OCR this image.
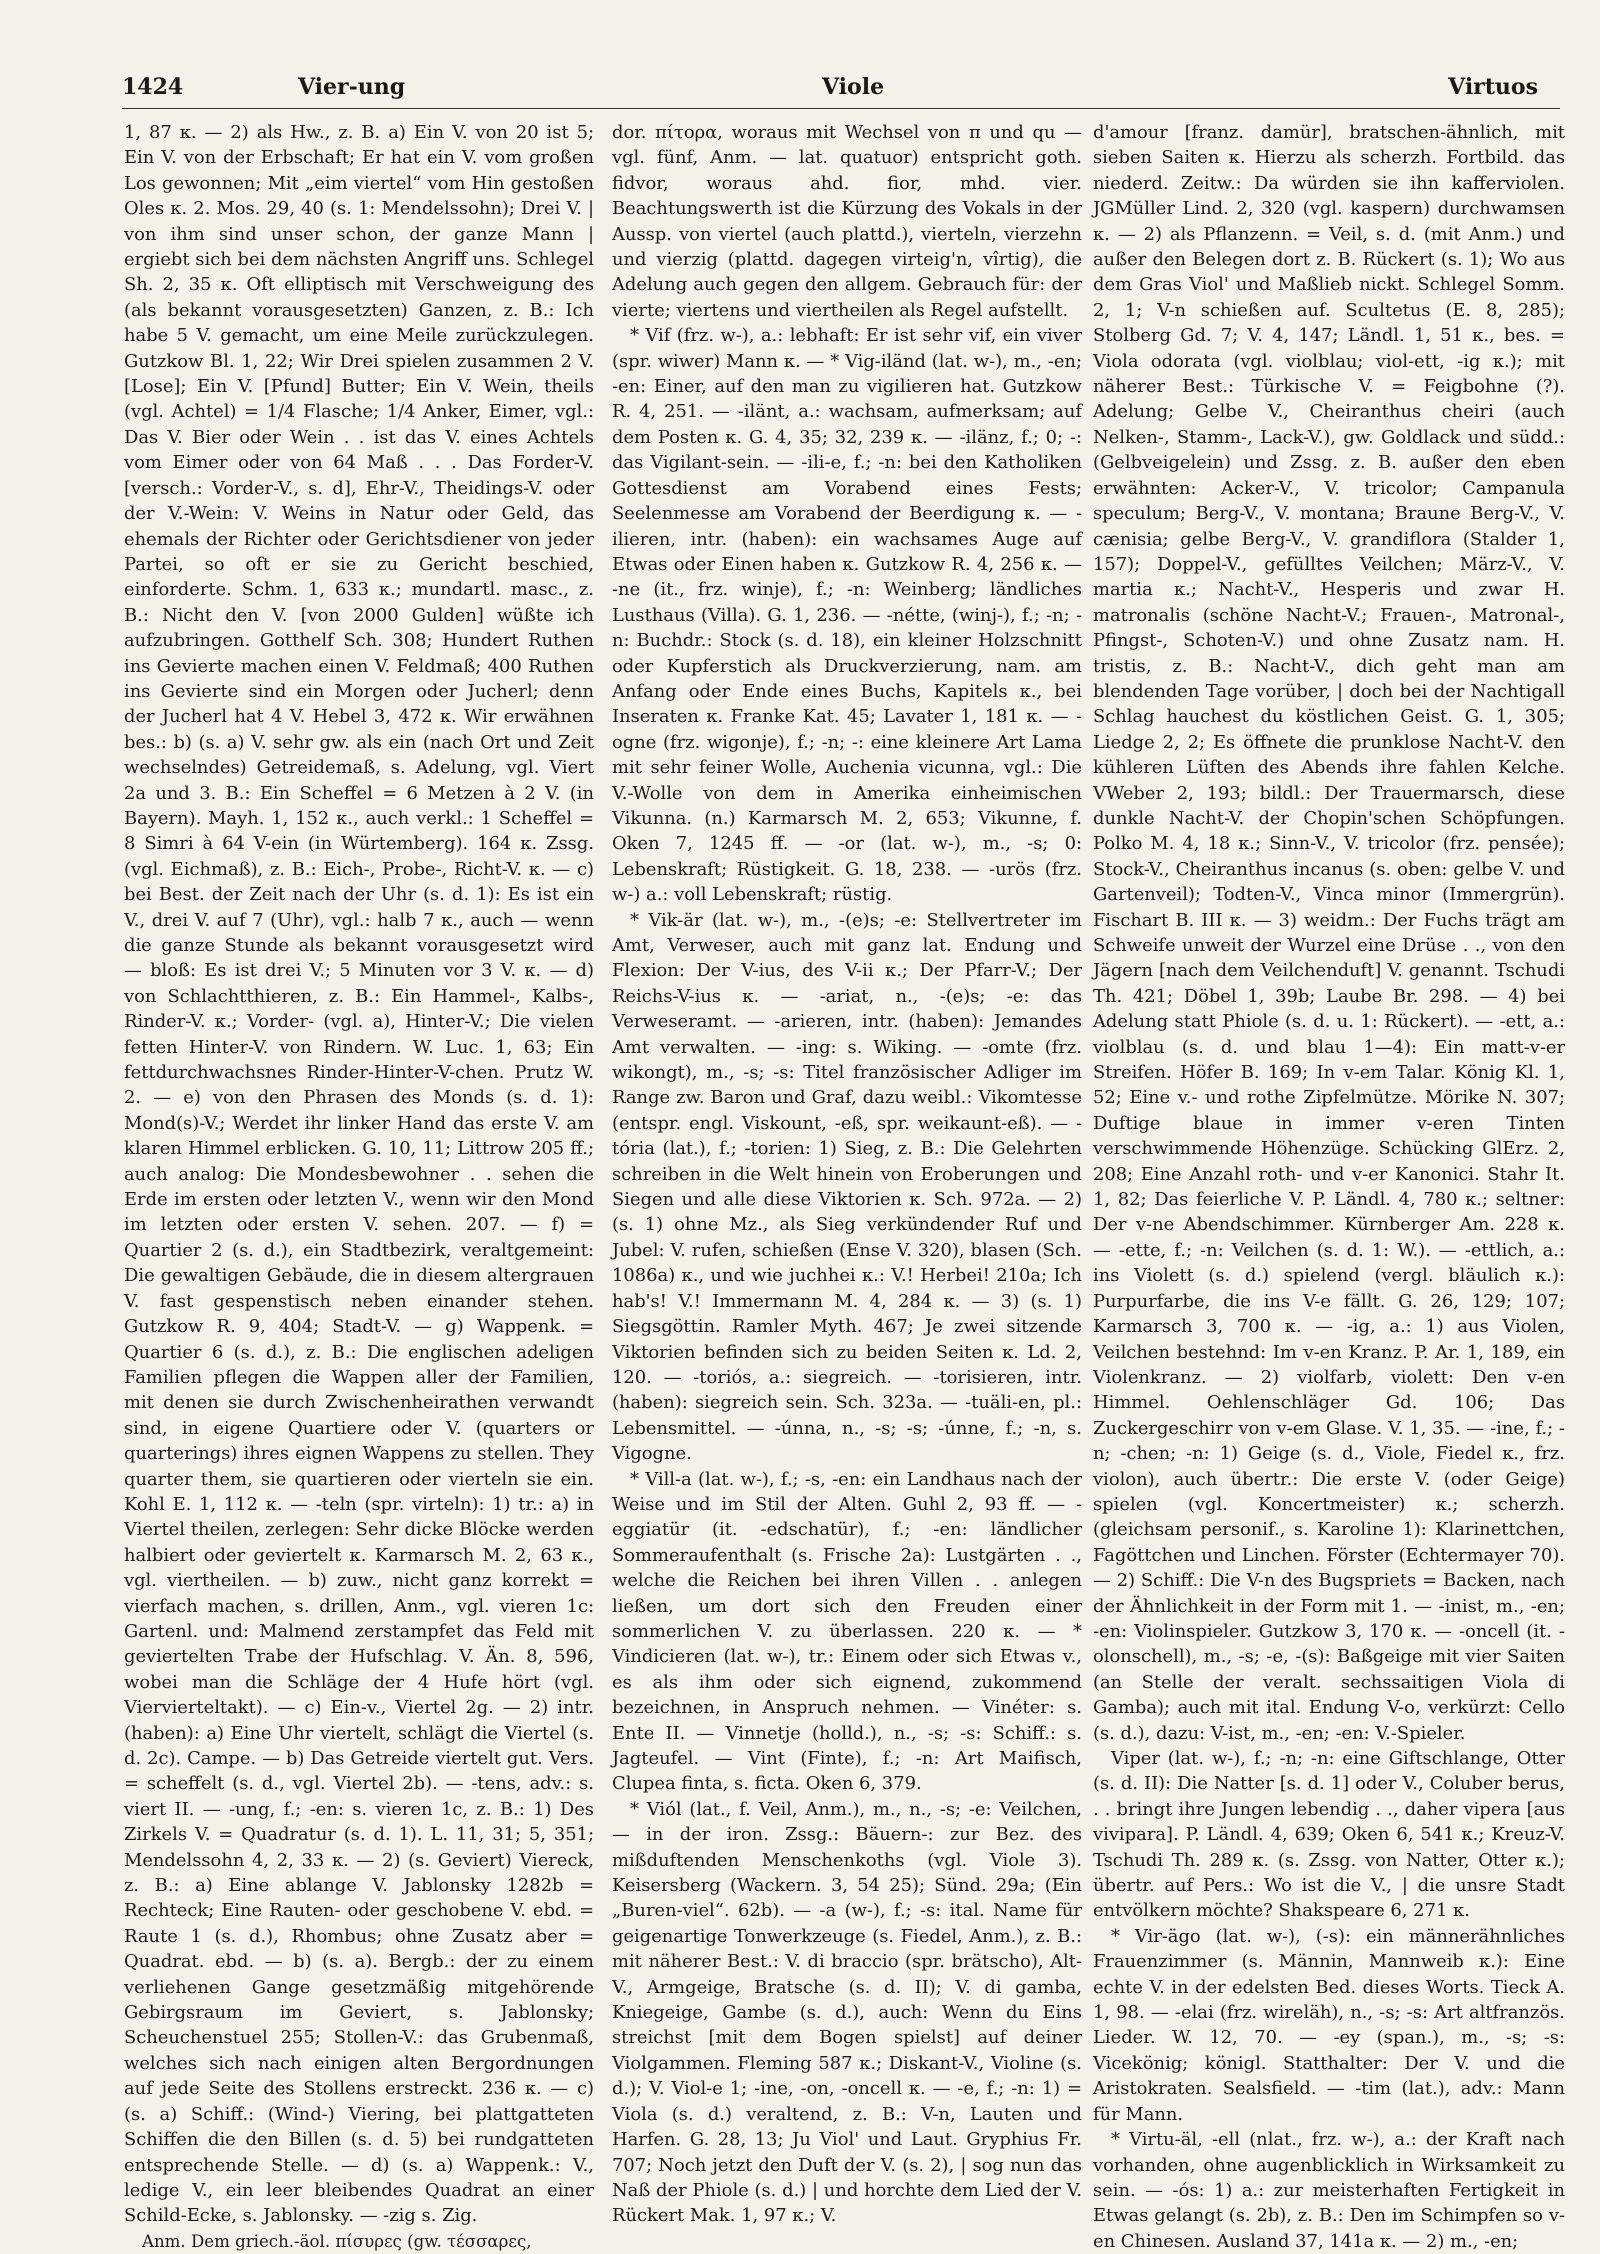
1424	Vier-ung	Viole	Virtuos

1, 87 κ. — 2) als Hw., z. B. a) Ein V. von 20 ist 5; Ein V. von der Erbschaft; Er hat ein V. vom großen Los gewonnen; Mit „eim viertel“ vom Hin gestoßen Oles κ. 2. Mos. 29, 40 (s. 1: Mendelssohn); Drei V. | von ihm sind unser schon, der ganze Mann | ergiebt sich bei dem nächsten Angriff uns. Schlegel Sh. 2, 35 κ. Oft elliptisch mit Verschweigung des (als bekannt vorausgesetzten) Ganzen, z. B.: Ich habe 5 V. gemacht, um eine Meile zurückzulegen. Gutzkow Bl. 1, 22; Wir Drei spielen zusammen 2 V. [Lose]; Ein V. [Pfund] Butter; Ein V. Wein, theils (vgl. Achtel) = 1/4 Flasche; 1/4 Anker, Eimer, vgl.: Das V. Bier oder Wein . . ist das V. eines Achtels vom Eimer oder von 64 Maß . . . Das Forder-V. [versch.: Vorder-V., s. d], Ehr-V., Theidings-V. oder der V.-Wein: V. Weins in Natur oder Geld, das ehemals der Richter oder Gerichtsdiener von jeder Partei, so oft er sie zu Gericht beschied, einforderte. Schm. 1, 633 κ.; mundartl. masc., z. B.: Nicht den V. [von 2000 Gulden] wüßte ich aufzubringen. Gotthelf Sch. 308; Hundert Ruthen ins Gevierte machen einen V. Feldmaß; 400 Ruthen ins Gevierte sind ein Morgen oder Jucherl; denn der Jucherl hat 4 V. Hebel 3, 472 κ. Wir erwähnen bes.: b) (s. a) V. sehr gw. als ein (nach Ort und Zeit wechselndes) Getreidemaß, s. Adelung, vgl. Viert 2a und 3. B.: Ein Scheffel = 6 Metzen à 2 V. (in Bayern). Mayh. 1, 152 κ., auch verkl.: 1 Scheffel = 8 Simri à 64 V-ein (in Würtemberg). 164 κ. Zssg. (vgl. Eichmaß), z. B.: Eich-, Probe-, Richt-V. κ. — c) bei Best. der Zeit nach der Uhr (s. d. 1): Es ist ein V., drei V. auf 7 (Uhr), vgl.: halb 7 κ., auch — wenn die ganze Stunde als bekannt vorausgesetzt wird — bloß: Es ist drei V.; 5 Minuten vor 3 V. κ. — d) von Schlachtthieren, z. B.: Ein Hammel-, Kalbs-, Rinder-V. κ.; Vorder- (vgl. a), Hinter-V.; Die vielen fetten Hinter-V. von Rindern. W. Luc. 1, 63; Ein fettdurchwachsnes Rinder-Hinter-V-chen. Prutz W. 2. — e) von den Phrasen des Monds (s. d. 1): Mond(s)-V.; Werdet ihr linker Hand das erste V. am klaren Himmel erblicken. G. 10, 11; Littrow 205 ff.; auch analog: Die Mondesbewohner . . sehen die Erde im ersten oder letzten V., wenn wir den Mond im letzten oder ersten V. sehen. 207. — f) = Quartier 2 (s. d.), ein Stadtbezirk, veraltgemeint: Die gewaltigen Gebäude, die in diesem altergrauen V. fast gespenstisch neben einander stehen. Gutzkow R. 9, 404; Stadt-V. — g) Wappenk. = Quartier 6 (s. d.), z. B.: Die englischen adeligen Familien pflegen die Wappen aller der Familien, mit denen sie durch Zwischenheirathen verwandt sind, in eigene Quartiere oder V. (quarters or quarterings) ihres eignen Wappens zu stellen. They quarter them, sie quartieren oder vierteln sie ein. Kohl E. 1, 112 κ. — -teln (spr. virteln): 1) tr.: a) in Viertel theilen, zerlegen: Sehr dicke Blöcke werden halbiert oder geviertelt κ. Karmarsch M. 2, 63 κ., vgl. viertheilen. — b) zuw., nicht ganz korrekt = vierfach machen, s. drillen, Anm., vgl. vieren 1c: Gartenl. und: Malmend zerstampfet das Feld mit geviertelten Trabe der Hufschlag. V. Än. 8, 596, wobei man die Schläge der 4 Hufe hört (vgl. Viervierteltakt). — c) Ein-v., Viertel 2g. — 2) intr. (haben): a) Eine Uhr viertelt, schlägt die Viertel (s. d. 2c). Campe. — b) Das Getreide viertelt gut. Vers. = scheffelt (s. d., vgl. Viertel 2b). — -tens, adv.: s. viert II. — -ung, f.; -en: s. vieren 1c, z. B.: 1) Des Zirkels V. = Quadratur (s. d. 1). L. 11, 31; 5, 351; Mendelssohn 4, 2, 33 κ. — 2) (s. Geviert) Viereck, z. B.: a) Eine ablange V. Jablonsky 1282b = Rechteck; Eine Rauten- oder geschobene V. ebd. = Raute 1 (s. d.), Rhombus; ohne Zusatz aber = Quadrat. ebd. — b) (s. a). Bergb.: der zu einem verliehenen Gange gesetzmäßig mitgehörende Gebirgsraum im Geviert, s. Jablonsky; Scheuchenstuel 255; Stollen-V.: das Grubenmaß, welches sich nach einigen alten Bergordnungen auf jede Seite des Stollens erstreckt. 236 κ. — c) (s. a) Schiff.: (Wind-) Viering, bei plattgatteten Schiffen die den Billen (s. d. 5) bei rundgatteten entsprechende Stelle. — d) (s. a) Wappenk.: V., ledige V., ein leer bleibendes Quadrat an einer Schild-Ecke, s. Jablonsky. — -zig s. Zig.

Anm. Dem griech.-äol. πίσυρες (gw. τέσσαρες,

dor. πίτορα, woraus mit Wechsel von π und qu — vgl. fünf, Anm. — lat. quatuor) entspricht goth. fidvor, woraus ahd. fior, mhd. vier. Beachtungswerth ist die Kürzung des Vokals in der Aussp. von viertel (auch plattd.), vierteln, vierzehn und vierzig (plattd. dagegen virteig'n, vîrtig), die Adelung auch gegen den allgem. Gebrauch für: der vierte; viertens und viertheilen als Regel aufstellt.

* Vif (frz. w-), a.: lebhaft: Er ist sehr vif, ein viver (spr. wiwer) Mann κ. — * Vig-iländ (lat. w-), m., -en; -en: Einer, auf den man zu vigilieren hat. Gutzkow R. 4, 251. — -ilänt, a.: wachsam, aufmerksam; auf dem Posten κ. G. 4, 35; 32, 239 κ. — -ilänz, f.; 0; -: das Vigilant-sein. — -ili-e, f.; -n: bei den Katholiken Gottesdienst am Vorabend eines Fests; Seelenmesse am Vorabend der Beerdigung κ. — -ilieren, intr. (haben): ein wachsames Auge auf Etwas oder Einen haben κ. Gutzkow R. 4, 256 κ. — -ne (it., frz. winje), f.; -n: Weinberg; ländliches Lusthaus (Villa). G. 1, 236. — -nétte, (winj-), f.; -n; -n: Buchdr.: Stock (s. d. 18), ein kleiner Holzschnitt oder Kupferstich als Druckverzierung, nam. am Anfang oder Ende eines Buchs, Kapitels κ., bei Inseraten κ. Franke Kat. 45; Lavater 1, 181 κ. — -ogne (frz. wigonje), f.; -n; -: eine kleinere Art Lama mit sehr feiner Wolle, Auchenia vicunna, vgl.: Die V.-Wolle von dem in Amerika einheimischen Vikunna. (n.) Karmarsch M. 2, 653; Vikunne, f. Oken 7, 1245 ff. — -or (lat. w-), m., -s; 0: Lebenskraft; Rüstigkeit. G. 18, 238. — -urös (frz. w-) a.: voll Lebenskraft; rüstig.

* Vik-är (lat. w-), m., -(e)s; -e: Stellvertreter im Amt, Verweser, auch mit ganz lat. Endung und Flexion: Der V-ius, des V-ii κ.; Der Pfarr-V.; Der Reichs-V-ius κ. — -ariat, n., -(e)s; -e: das Verweseramt. — -arieren, intr. (haben): Jemandes Amt verwalten. — -ing: s. Wiking. — -omte (frz. wikongt), m., -s; -s: Titel französischer Adliger im Range zw. Baron und Graf, dazu weibl.: Vikomtesse (entspr. engl. Viskount, -eß, spr. weikaunt-eß). — -tória (lat.), f.; -torien: 1) Sieg, z. B.: Die Gelehrten schreiben in die Welt hinein von Eroberungen und Siegen und alle diese Viktorien κ. Sch. 972a. — 2) (s. 1) ohne Mz., als Sieg verkündender Ruf und Jubel: V. rufen, schießen (Ense V. 320), blasen (Sch. 1086a) κ., und wie juchhei κ.: V.! Herbei! 210a; Ich hab's! V.! Immermann M. 4, 284 κ. — 3) (s. 1) Siegsgöttin. Ramler Myth. 467; Je zwei sitzende Viktorien befinden sich zu beiden Seiten κ. Ld. 2, 120. — -toriós, a.: siegreich. — -torisieren, intr. (haben): siegreich sein. Sch. 323a. — -tuäli-en, pl.: Lebensmittel. — -únna, n., -s; -s; -únne, f.; -n, s. Vigogne.

* Vill-a (lat. w-), f.; -s, -en: ein Landhaus nach der Weise und im Stil der Alten. Guhl 2, 93 ff. — -eggiatür (it. -edschatür), f.; -en: ländlicher Sommeraufenthalt (s. Frische 2a): Lustgärten . ., welche die Reichen bei ihren Villen . . anlegen ließen, um dort sich den Freuden einer sommerlichen V. zu überlassen. 220 κ. — * Vindicieren (lat. w-), tr.: Einem oder sich Etwas v., es als ihm oder sich eignend, zukommend bezeichnen, in Anspruch nehmen. — Vinéter: s. Ente II. — Vinnetje (holld.), n., -s; -s: Schiff.: s. Jagteufel. — Vint (Finte), f.; -n: Art Maifisch, Clupea finta, s. ficta. Oken 6, 379.

* Viól (lat., f. Veil, Anm.), m., n., -s; -e: Veilchen, — in der iron. Zssg.: Bäuern-: zur Bez. des mißduftenden Menschenkoths (vgl. Viole 3). Keisersberg (Wackern. 3, 54 25); Sünd. 29a; (Ein „Buren-viel“. 62b). — -a (w-), f.; -s: ital. Name für geigenartige Tonwerkzeuge (s. Fiedel, Anm.), z. B.: mit näherer Best.: V. di braccio (spr. brätscho), Alt-V., Armgeige, Bratsche (s. d. II); V. di gamba, Kniegeige, Gambe (s. d.), auch: Wenn du Eins streichst [mit dem Bogen spielst] auf deiner Violgammen. Fleming 587 κ.; Diskant-V., Violine (s. d.); V. Viol-e 1; -ine, -on, -oncell κ. — -e, f.; -n: 1) = Viola (s. d.) veraltend, z. B.: V-n, Lauten und Harfen. G. 28, 13; Ju Viol' und Laut. Gryphius Fr. 707; Noch jetzt den Duft der V. (s. 2), | sog nun das Naß der Phiole (s. d.) | und horchte dem Lied der V. Rückert Mak. 1, 97 κ.; V.

d'amour [franz. damür], bratschen-ähnlich, mit sieben Saiten κ. Hierzu als scherzh. Fortbild. das niederd. Zeitw.: Da würden sie ihn kafferviolen. JGMüller Lind. 2, 320 (vgl. kaspern) durchwamsen κ. — 2) als Pflanzenn. = Veil, s. d. (mit Anm.) und außer den Belegen dort z. B. Rückert (s. 1); Wo aus dem Gras Viol' und Maßlieb nickt. Schlegel Somm. 2, 1; V-n schießen auf. Scultetus (E. 8, 285); Stolberg Gd. 7; V. 4, 147; Ländl. 1, 51 κ., bes. = Viola odorata (vgl. violblau; viol-ett, -ig κ.); mit näherer Best.: Türkische V. = Feigbohne (?). Adelung; Gelbe V., Cheiranthus cheiri (auch Nelken-, Stamm-, Lack-V.), gw. Goldlack und südd.: (Gelbveigelein) und Zssg. z. B. außer den eben erwähnten: Acker-V., V. tricolor; Campanula speculum; Berg-V., V. montana; Braune Berg-V., V. cænisia; gelbe Berg-V., V. grandiflora (Stalder 1, 157); Doppel-V., gefülltes Veilchen; März-V., V. martia κ.; Nacht-V., Hesperis und zwar H. matronalis (schöne Nacht-V.; Frauen-, Matronal-, Pfingst-, Schoten-V.) und ohne Zusatz nam. H. tristis, z. B.: Nacht-V., dich geht man am blendenden Tage vorüber, | doch bei der Nachtigall Schlag hauchest du köstlichen Geist. G. 1, 305; Liedge 2, 2; Es öffnete die prunklose Nacht-V. den kühleren Lüften des Abends ihre fahlen Kelche. VWeber 2, 193; bildl.: Der Trauermarsch, diese dunkle Nacht-V. der Chopin'schen Schöpfungen. Polko M. 4, 18 κ.; Sinn-V., V. tricolor (frz. pensée); Stock-V., Cheiranthus incanus (s. oben: gelbe V. und Gartenveil); Todten-V., Vinca minor (Immergrün). Fischart B. III κ. — 3) weidm.: Der Fuchs trägt am Schweife unweit der Wurzel eine Drüse . ., von den Jägern [nach dem Veilchenduft] V. genannt. Tschudi Th. 421; Döbel 1, 39b; Laube Br. 298. — 4) bei Adelung statt Phiole (s. d. u. 1: Rückert). — -ett, a.: violblau (s. d. und blau 1—4): Ein matt-v-er Streifen. Höfer B. 169; In v-em Talar. König Kl. 1, 52; Eine v.- und rothe Zipfelmütze. Mörike N. 307; Duftige blaue in immer v-eren Tinten verschwimmende Höhenzüge. Schücking GlErz. 2, 208; Eine Anzahl roth- und v-er Kanonici. Stahr It. 1, 82; Das feierliche V. P. Ländl. 4, 780 κ.; seltner: Der v-ne Abendschimmer. Kürnberger Am. 228 κ. — -ette, f.; -n: Veilchen (s. d. 1: W.). — -ettlich, a.: ins Violett (s. d.) spielend (vergl. bläulich κ.): Purpurfarbe, die ins V-e fällt. G. 26, 129; 107; Karmarsch 3, 700 κ. — -ig, a.: 1) aus Violen, Veilchen bestehnd: Im v-en Kranz. P. Ar. 1, 189, ein Violenkranz. — 2) violfarb, violett: Den v-en Himmel. Oehlenschläger Gd. 106; Das Zuckergeschirr von v-em Glase. V. 1, 35. — -ine, f.; -n; -chen; -n: 1) Geige (s. d., Viole, Fiedel κ., frz. violon), auch übertr.: Die erste V. (oder Geige) spielen (vgl. Koncertmeister) κ.; scherzh. (gleichsam personif., s. Karoline 1): Klarinettchen, Fagöttchen und Linchen. Förster (Echtermayer 70). — 2) Schiff.: Die V-n des Bugspriets = Backen, nach der Ähnlichkeit in der Form mit 1. — -inist, m., -en; -en: Violinspieler. Gutzkow 3, 170 κ. — -oncell (it. -olonschell), m., -s; -e, -(s): Baßgeige mit vier Saiten (an Stelle der veralt. sechssaitigen Viola di Gamba); auch mit ital. Endung V-o, verkürzt: Cello (s. d.), dazu: V-ist, m., -en; -en: V.-Spieler.

Viper (lat. w-), f.; -n; -n: eine Giftschlange, Otter (s. d. II): Die Natter [s. d. 1] oder V., Coluber berus, . . bringt ihre Jungen lebendig . ., daher vipera [aus vivipara]. P. Ländl. 4, 639; Oken 6, 541 κ.; Kreuz-V. Tschudi Th. 289 κ. (s. Zssg. von Natter, Otter κ.); übertr. auf Pers.: Wo ist die V., | die unsre Stadt entvölkern möchte? Shakspeare 6, 271 κ.

* Vir-ägo (lat. w-), (-s): ein männerähnliches Frauenzimmer (s. Männin, Mannweib κ.): Eine echte V. in der edelsten Bed. dieses Worts. Tieck A. 1, 98. — -elai (frz. wireläh), n., -s; -s: Art altfranzös. Lieder. W. 12, 70. — -ey (span.), m., -s; -s: Vicekönig; königl. Statthalter: Der V. und die Aristokraten. Sealsfield. — -tim (lat.), adv.: Mann für Mann.

* Virtu-äl, -ell (nlat., frz. w-), a.: der Kraft nach vorhanden, ohne augenblicklich in Wirksamkeit zu sein. — -ós: 1) a.: zur meisterhaften Fertigkeit in Etwas gelangt (s. 2b), z. B.: Den im Schimpfen so v-en Chinesen. Ausland 37, 141a κ. — 2) m., -en;
